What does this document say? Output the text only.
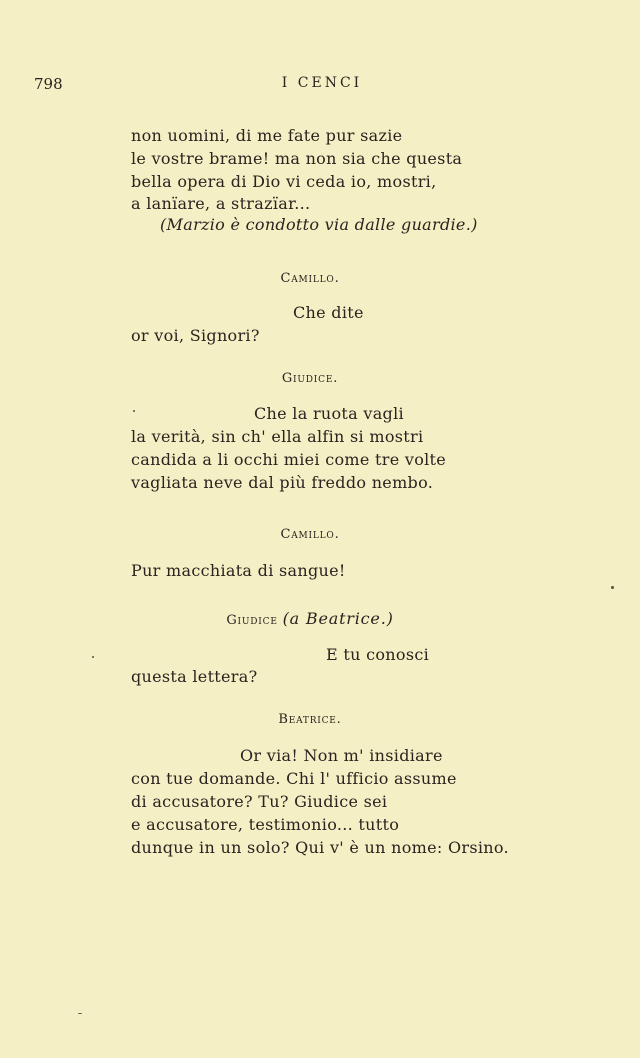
798	I CENCI
non uomini, di me fate pur sazie
le vostre brame! ma non sia che questa
bella opera di Dio vi ceda io, mostri,
a lanïare, a strazïar...
(Marzio è condotto via dalle guardie.)
Camillo.
Che dite
or voi, Signori?
Giudice.
Che la ruota vagli
la verità, sin ch' ella alfin si mostri
candida a li occhi miei come tre volte
vagliata neve dal più freddo nembo.
Camillo.
Pur macchiata di sangue!
Giudice (a Beatrice.)
E tu conosci
questa lettera?
Beatrice.
Or via! Non m' insidiare
con tue domande. Chi l' ufficio assume
di accusatore? Tu? Giudice sei
e accusatore, testimonio... tutto
dunque in un solo? Qui v' è un nome: Orsino.
